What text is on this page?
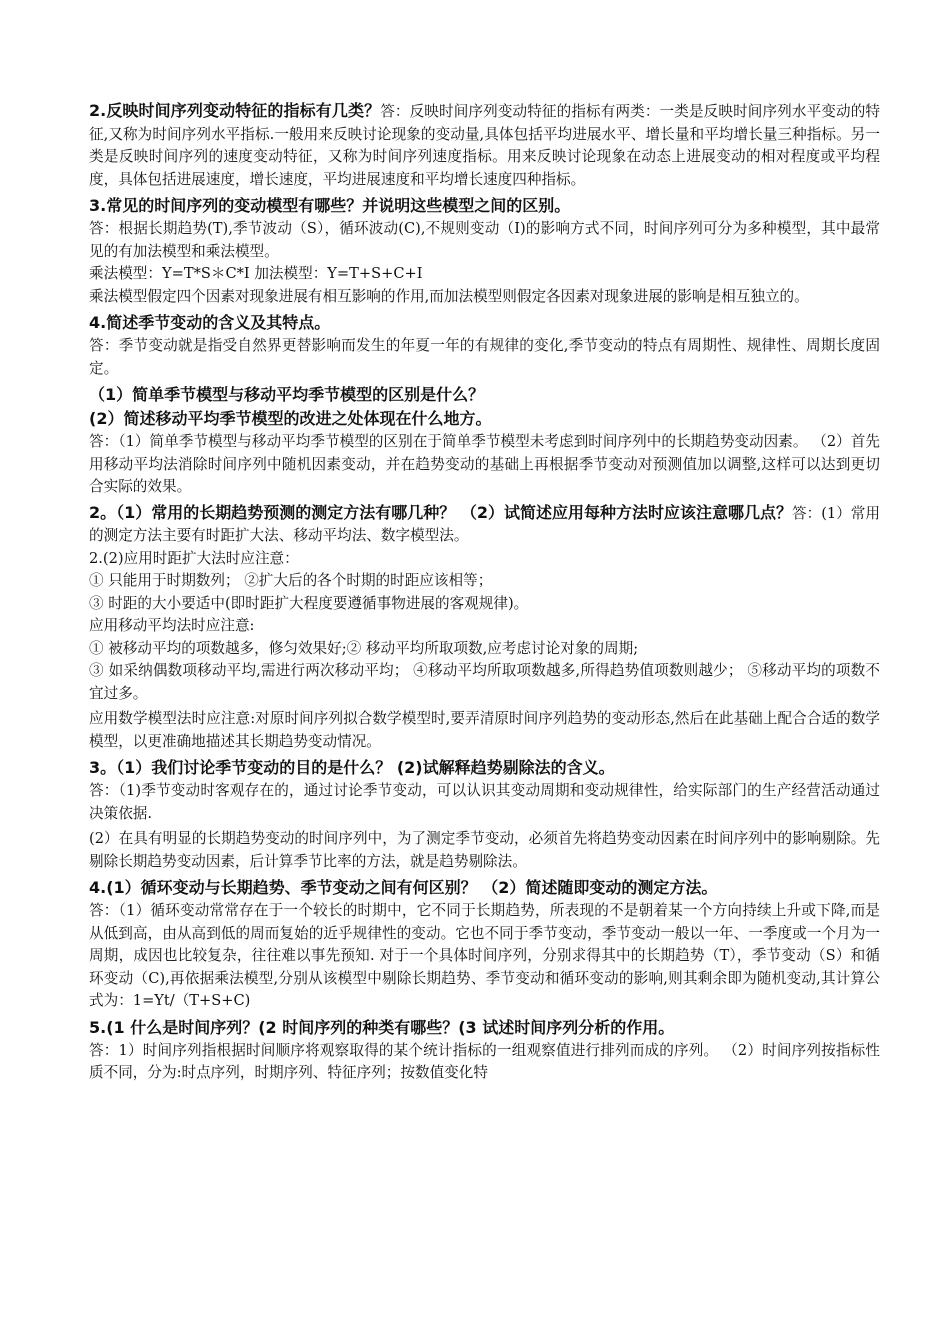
2.反映时间序列变动特征的指标有几类？答：反映时间序列变动特征的指标有两类：一类是反映时间序列水平变动的特征,又称为时间序列水平指标.一般用来反映讨论现象的变动量,具体包括平均进展水平、增长量和平均增长量三种指标。另一类是反映时间序列的速度变动特征，又称为时间序列速度指标。用来反映讨论现象在动态上进展变动的相对程度或平均程度，具体包括进展速度，增长速度，平均进展速度和平均增长速度四种指标。
3.常见的时间序列的变动模型有哪些？并说明这些模型之间的区别。
答：根据长期趋势(T),季节波动（S），循环波动(C),不规则变动（I)的影响方式不同，时间序列可分为多种模型，其中最常见的有加法模型和乘法模型。
乘法模型：Y=T*S＊C*I 加法模型：Y=T+S+C+I
乘法模型假定四个因素对现象进展有相互影响的作用,而加法模型则假定各因素对现象进展的影响是相互独立的。
4.简述季节变动的含义及其特点。
答：季节变动就是指受自然界更替影响而发生的年夏一年的有规律的变化,季节变动的特点有周期性、规律性、周期长度固定。
（1）简单季节模型与移动平均季节模型的区别是什么？
(2）简述移动平均季节模型的改进之处体现在什么地方。
答：（1）简单季节模型与移动平均季节模型的区别在于简单季节模型未考虑到时间序列中的长期趋势变动因素。 （2）首先用移动平均法消除时间序列中随机因素变动，并在趋势变动的基础上再根据季节变动对预测值加以调整,这样可以达到更切合实际的效果。
2。（1）常用的长期趋势预测的测定方法有哪几种？ （2）试简述应用每种方法时应该注意哪几点？答：(1）常用的测定方法主要有时距扩大法、移动平均法、数字模型法。
2.(2)应用时距扩大法时应注意：
① 只能用于时期数列； ②扩大后的各个时期的时距应该相等；
③ 时距的大小要适中(即时距扩大程度要遵循事物进展的客观规律)。
应用移动平均法时应注意:
① 被移动平均的项数越多，修匀效果好;② 移动平均所取项数,应考虑讨论对象的周期;
③ 如采纳偶数项移动平均,需进行两次移动平均； ④移动平均所取项数越多,所得趋势值项数则越少； ⑤移动平均的项数不宜过多。
应用数学模型法时应注意:对原时间序列拟合数学模型时,要弄清原时间序列趋势的变动形态,然后在此基础上配合合适的数学模型，以更准确地描述其长期趋势变动情况。
3。（1）我们讨论季节变动的目的是什么？ (2)试解释趋势剔除法的含义。
答：（1)季节变动时客观存在的，通过讨论季节变动，可以认识其变动周期和变动规律性，给实际部门的生产经营活动通过决策依据.
(2）在具有明显的长期趋势变动的时间序列中，为了测定季节变动，必须首先将趋势变动因素在时间序列中的影响剔除。先剔除长期趋势变动因素，后计算季节比率的方法，就是趋势剔除法。
4.(1）循环变动与长期趋势、季节变动之间有何区别？ （2）简述随即变动的测定方法。
答：（1）循环变动常常存在于一个较长的时期中，它不同于长期趋势，所表现的不是朝着某一个方向持续上升或下降,而是从低到高，由从高到低的周而复始的近乎规律性的变动。它也不同于季节变动，季节变动一般以一年、一季度或一个月为一周期，成因也比较复杂，往往难以事先预知. 对于一个具体时间序列，分别求得其中的长期趋势（T），季节变动（S）和循环变动（C),再依据乘法模型,分别从该模型中剔除长期趋势、季节变动和循环变动的影响,则其剩余即为随机变动,其计算公式为：1=Yt/（T+S+C)
5.(1 什么是时间序列？(2 时间序列的种类有哪些？(3 试述时间序列分析的作用。
答：1）时间序列指根据时间顺序将观察取得的某个统计指标的一组观察值进行排列而成的序列。 （2）时间序列按指标性质不同，分为:时点序列，时期序列、特征序列；按数值变化特
